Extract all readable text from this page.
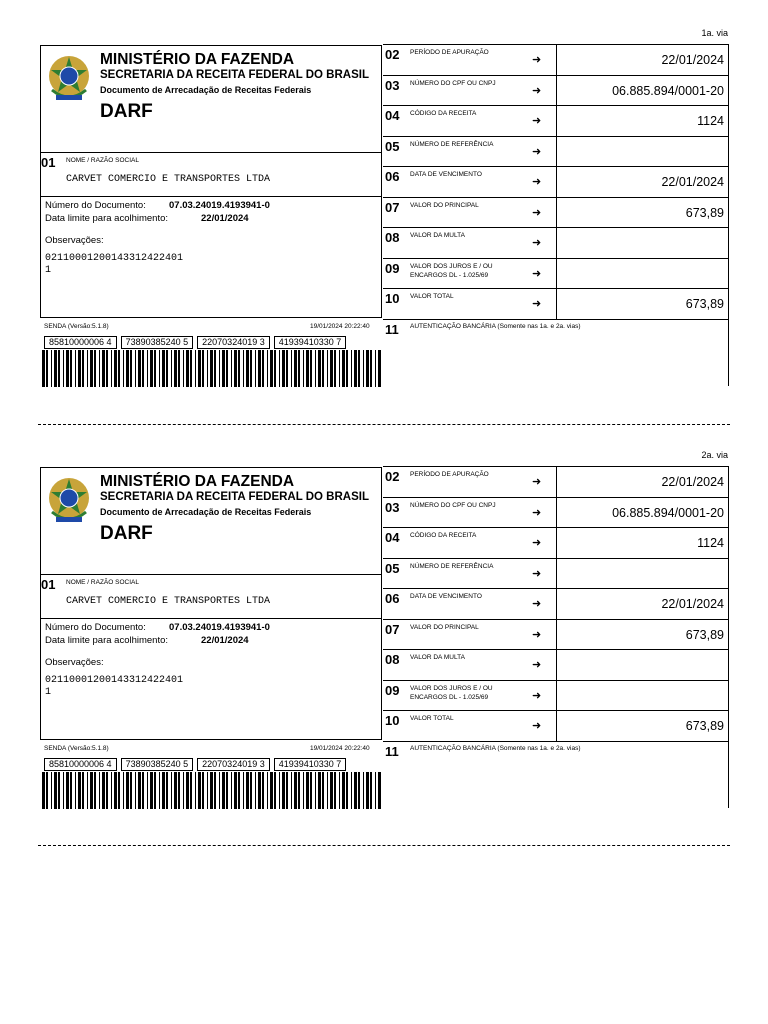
1a. via
MINISTÉRIO DA FAZENDA
SECRETARIA DA RECEITA FEDERAL DO BRASIL
Documento de Arrecadação de Receitas Federais
DARF
01 NOME / RAZÃO SOCIAL
CARVET COMERCIO E TRANSPORTES LTDA
Número do Documento: 07.03.24019.4193941-0
Data limite para acolhimento:	22/01/2024
Observações:
02110001200143312422401
1
SENDA (Versão:5.1.8)	19/01/2024 20:22:40
85810000006 4	73890385240 5	22070324019 3	41939410330 7
02 PERÍODO DE APURAÇÃO
➜	22/01/2024
03 NÚMERO DO CPF OU CNPJ
➜	06.885.894/0001-20
04 CÓDIGO DA RECEITA
➜	1124
05 NÚMERO DE REFERÊNCIA
➜
06 DATA DE VENCIMENTO
➜	22/01/2024
07 VALOR DO PRINCIPAL
➜	673,89
08 VALOR DA MULTA
➜
09 VALOR DOS JUROS E / OU ENCARGOS DL - 1.025/69	➜
10 VALOR TOTAL
➜	673,89
11 AUTENTICAÇÃO BANCÁRIA (Somente nas 1a. e 2a. vias)
2a. via
MINISTÉRIO DA FAZENDA
SECRETARIA DA RECEITA FEDERAL DO BRASIL
Documento de Arrecadação de Receitas Federais
DARF
01 NOME / RAZÃO SOCIAL
CARVET COMERCIO E TRANSPORTES LTDA
Número do Documento: 07.03.24019.4193941-0
Data limite para acolhimento:	22/01/2024
Observações:
02110001200143312422401
1
SENDA (Versão:5.1.8)	19/01/2024 20:22:40
85810000006 4	73890385240 5	22070324019 3	41939410330 7
02 PERÍODO DE APURAÇÃO
➜	22/01/2024
03 NÚMERO DO CPF OU CNPJ
➜	06.885.894/0001-20
04 CÓDIGO DA RECEITA
➜	1124
05 NÚMERO DE REFERÊNCIA
➜
06 DATA DE VENCIMENTO
➜	22/01/2024
07 VALOR DO PRINCIPAL
➜	673,89
08 VALOR DA MULTA
➜
09 VALOR DOS JUROS E / OU ENCARGOS DL - 1.025/69	➜
10 VALOR TOTAL
➜	673,89
11 AUTENTICAÇÃO BANCÁRIA (Somente nas 1a. e 2a. vias)
